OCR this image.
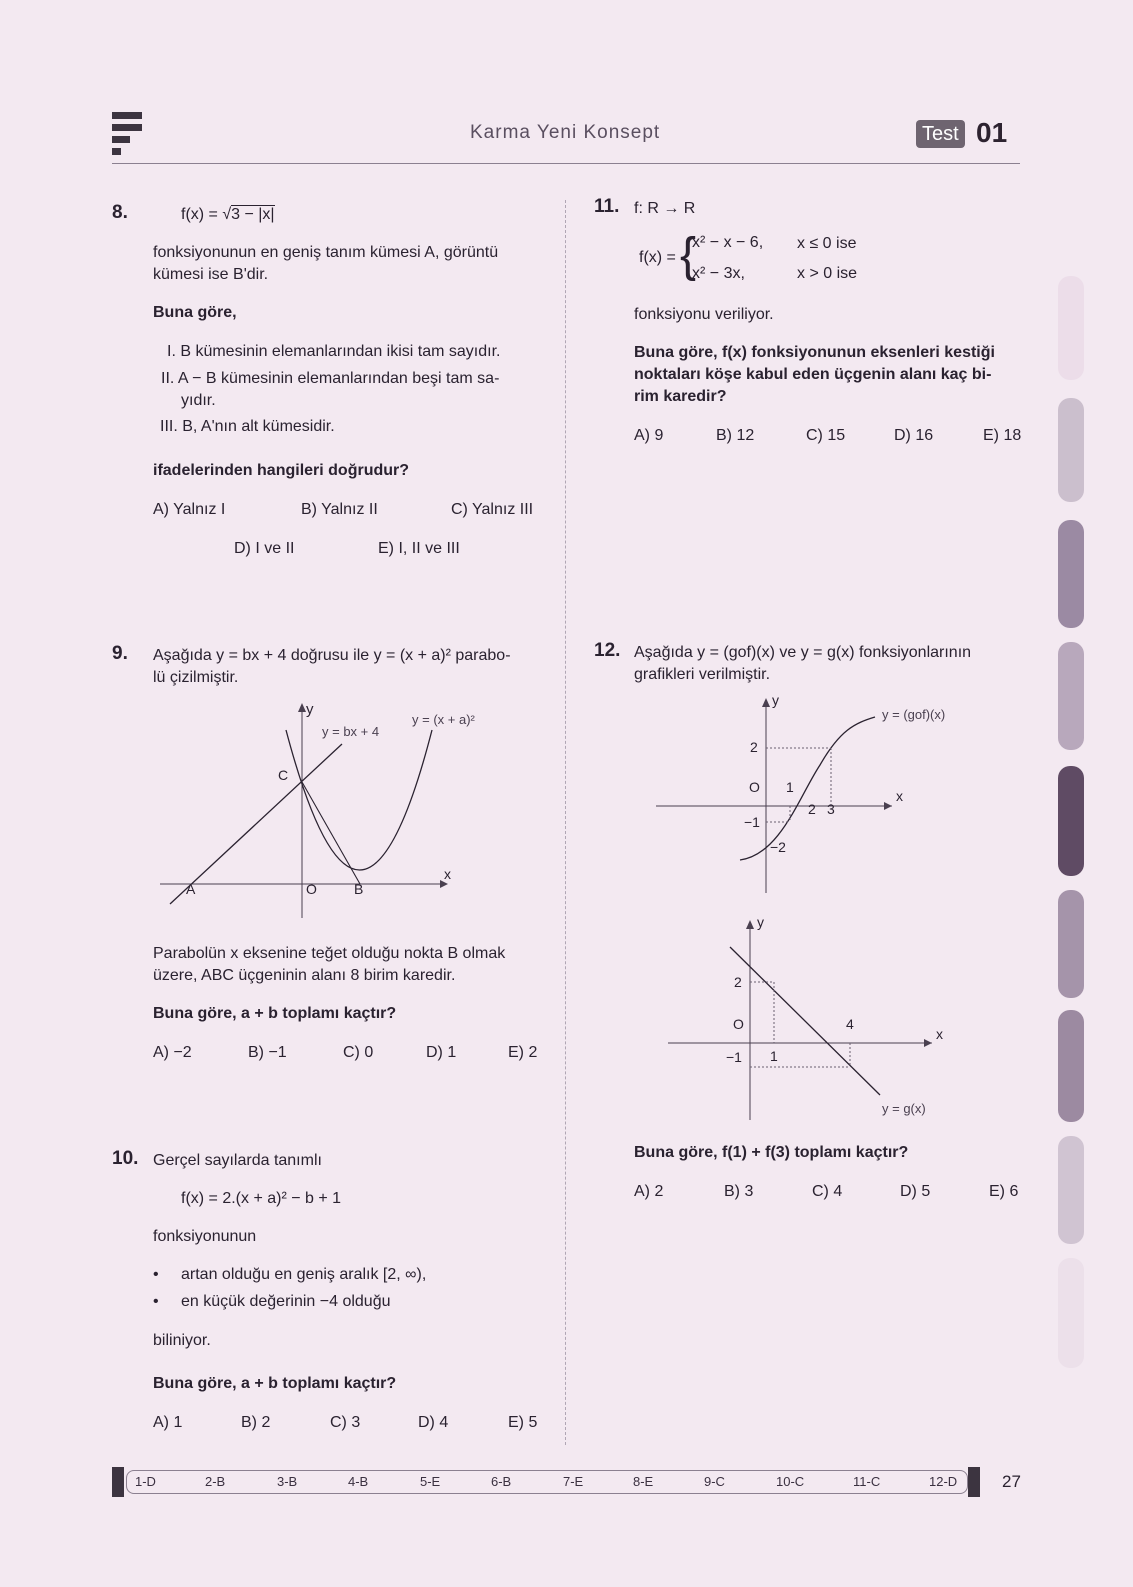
Karma Yeni Konsept	Test 01
8.	f(x) = √3 − |x|
fonksiyonunun en geniş tanım kümesi A, görüntü
kümesi ise B'dir.
Buna göre,
I. B kümesinin elemanlarından ikisi tam sayıdır.
II. A − B kümesinin elemanlarından beşi tam sa-
yıdır.
III. B, A'nın alt kümesidir.
ifadelerinden hangileri doğrudur?
A) Yalnız I	B) Yalnız II	C) Yalnız III
D) I ve II	E) I, II ve III
9. Aşağıda y = bx + 4 doğrusu ile y = (x + a)² parabo-
lü çizilmiştir.
y
x
y = bx + 4
y = (x + a)²
C
A	O	B
Parabolün x eksenine teğet olduğu nokta B olmak
üzere, ABC üçgeninin alanı 8 birim karedir.
Buna göre, a + b toplamı kaçtır?
A) −2	B) −1	C) 0	D) 1	E) 2
10. Gerçel sayılarda tanımlı
f(x) = 2.(x + a)² − b + 1
fonksiyonunun
• artan olduğu en geniş aralık [2, ∞),
• en küçük değerinin −4 olduğu
biliniyor.
Buna göre, a + b toplamı kaçtır?
A) 1	B) 2	C) 3	D) 4	E) 5
11. f: R → R
f(x) = {
x² − x − 6, x ≤ 0 ise
x² − 3x,	x > 0 ise
fonksiyonu veriliyor.
Buna göre, f(x) fonksiyonunun eksenleri kestiği
noktaları köşe kabul eden üçgenin alanı kaç bi-
rim karedir?
A) 9	B) 12	C) 15	D) 16	E) 18
12. Aşağıda y = (gof)(x) ve y = g(x) fonksiyonlarının
grafikleri verilmiştir.
y
x
y = (gof)(x)
2
O 1
−1
2 3
−2
y
x
y = g(x)
2
O	4
1
−1
Buna göre, f(1) + f(3) toplamı kaçtır?
A) 2	B) 3	C) 4	D) 5	E) 6
1-D	2-B	3-B	4-B	5-E	6-B	7-E	8-E	9-C	10-C	11-C	12-D	27
